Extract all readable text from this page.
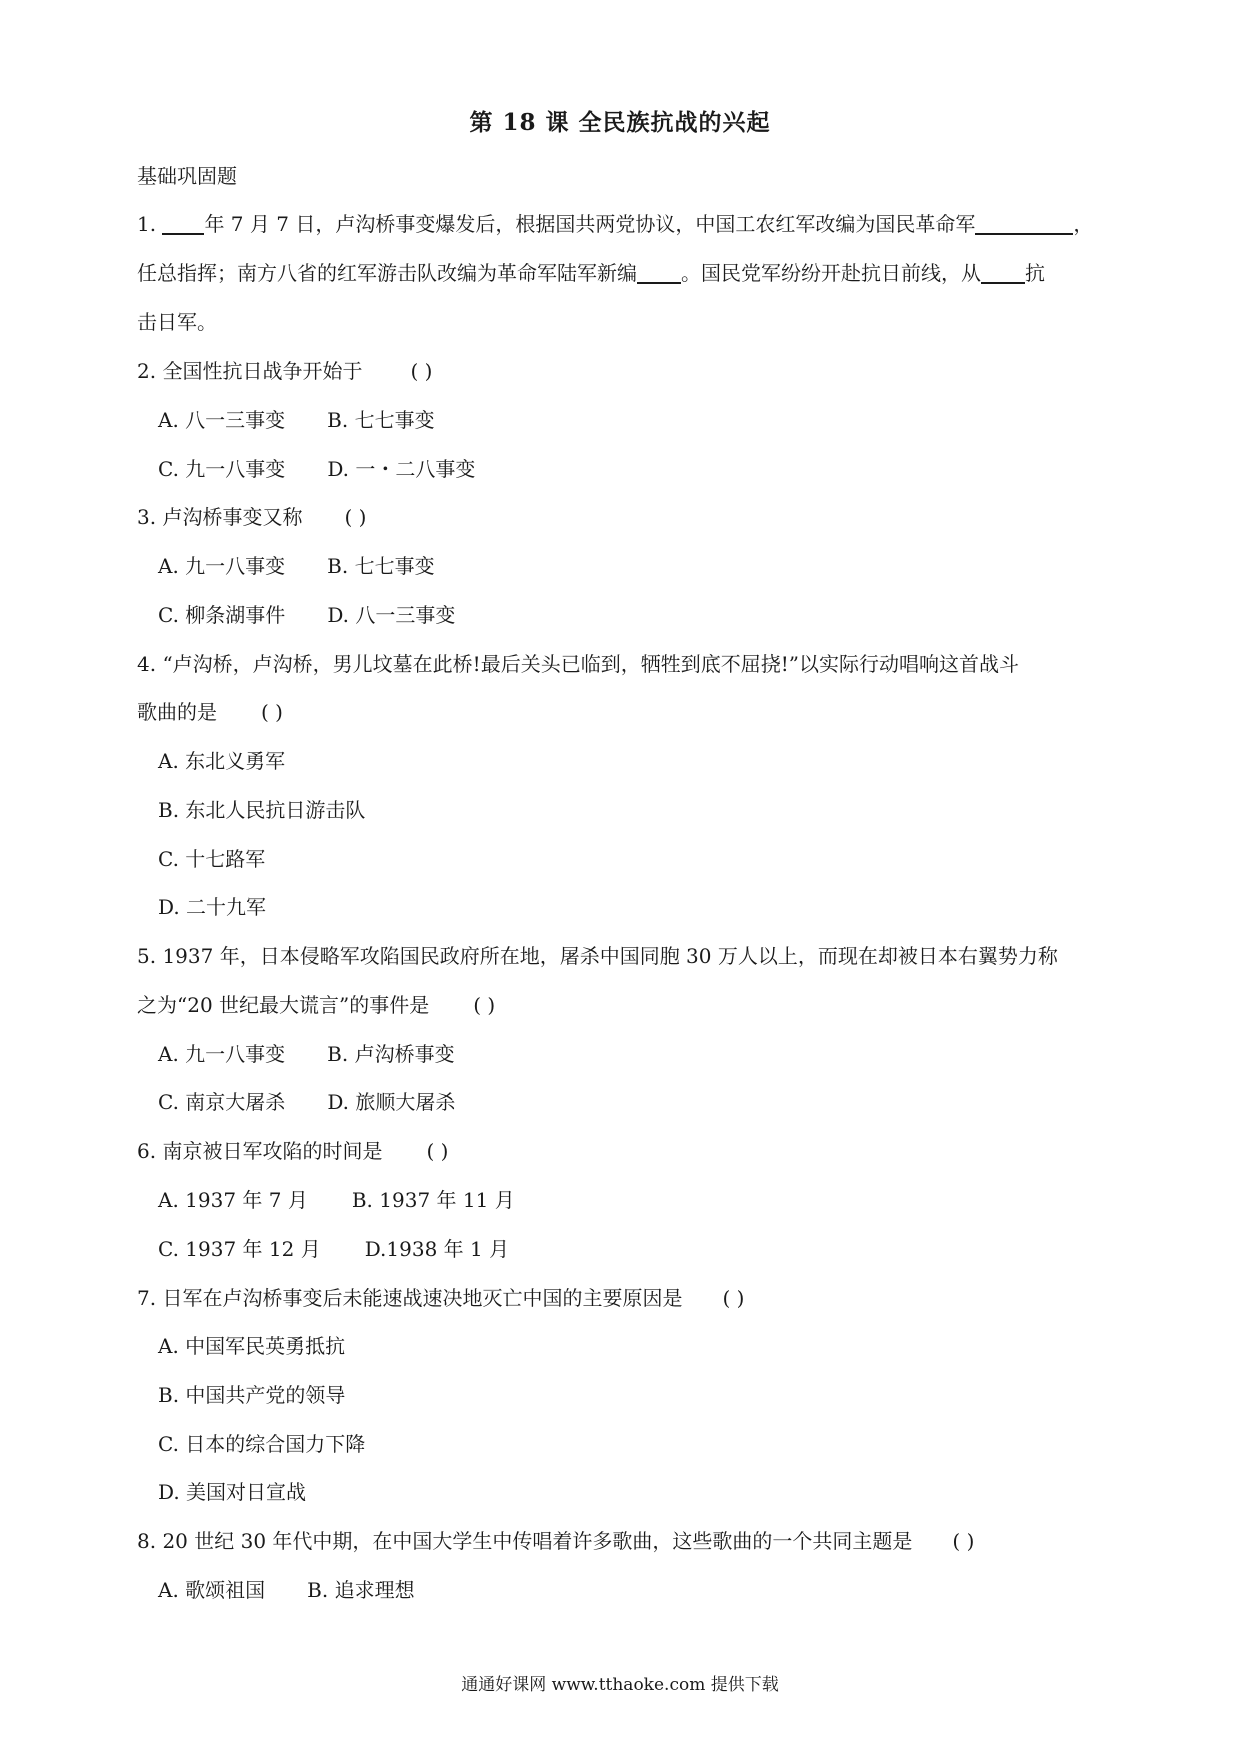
第 18 课 全民族抗战的兴起
基础巩固题
1. 年 7 月 7 日，卢沟桥事变爆发后，根据国共两党协议，中国工农红军改编为国民革命军	，
任总指挥；南方八省的红军游击队改编为革命军陆军新编 。国民党军纷纷开赴抗日前线，从 抗
击日军。
2. 全国性抗日战争开始于 ( )
A. 八一三事变 B. 七七事变
C. 九一八事变 D. 一・二八事变
3. 卢沟桥事变又称 ( )
A. 九一八事变 B. 七七事变
C. 柳条湖事件 D. 八一三事变
4. “卢沟桥，卢沟桥，男儿坟墓在此桥!最后关头已临到，牺牲到底不屈挠!”以实际行动唱响这首战斗
歌曲的是 ( )
A. 东北义勇军
B. 东北人民抗日游击队
C. 十七路军
D. 二十九军
5. 1937 年，日本侵略军攻陷国民政府所在地，屠杀中国同胞 30 万人以上，而现在却被日本右翼势力称
之为“20 世纪最大谎言”的事件是 ( )
A. 九一八事变 B. 卢沟桥事变
C. 南京大屠杀 D. 旅顺大屠杀
6. 南京被日军攻陷的时间是 ( )
A. 1937 年 7 月 B. 1937 年 11 月
C. 1937 年 12 月 D.1938 年 1 月
7. 日军在卢沟桥事变后未能速战速决地灭亡中国的主要原因是 ( )
A. 中国军民英勇抵抗
B. 中国共产党的领导
C. 日本的综合国力下降
D. 美国对日宣战
8. 20 世纪 30 年代中期，在中国大学生中传唱着许多歌曲，这些歌曲的一个共同主题是 ( )
A. 歌颂祖国 B. 追求理想
通通好课网 www.tthaoke.com 提供下载
